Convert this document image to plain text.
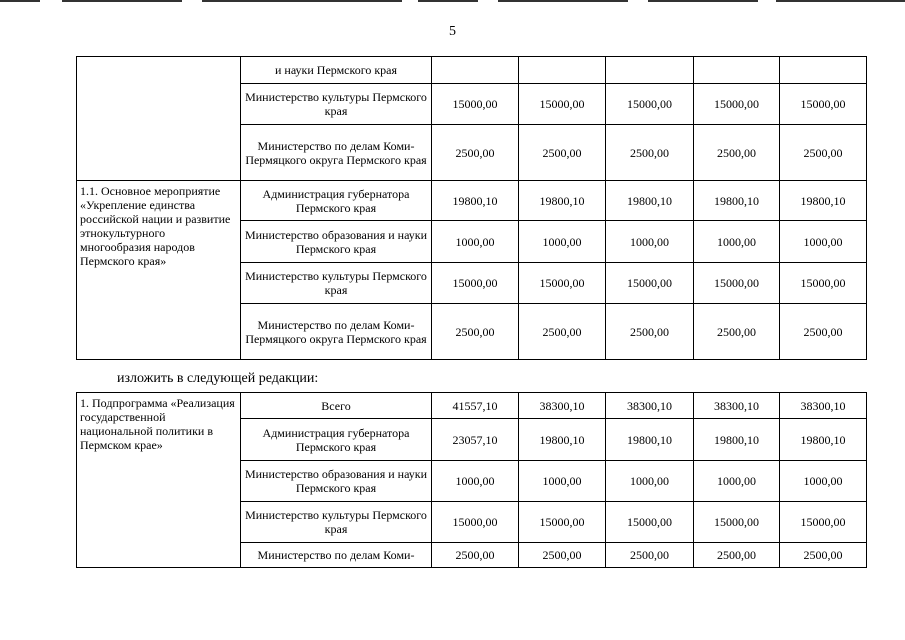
5
	и науки Пермского края					
	Министерство культуры Пермского края	15000,00	15000,00	15000,00	15000,00	15000,00
	Министерство по делам Коми-Пермяцкого округа Пермского края	2500,00	2500,00	2500,00	2500,00	2500,00
1.1. Основное мероприятие «Укрепление единства российской нации и развитие этнокультурного многообразия народов Пермского края»	Администрация губернатора Пермского края	19800,10	19800,10	19800,10	19800,10	19800,10
	Министерство образования и науки Пермского края	1000,00	1000,00	1000,00	1000,00	1000,00
	Министерство культуры Пермского края	15000,00	15000,00	15000,00	15000,00	15000,00
	Министерство по делам Коми-Пермяцкого округа Пермского края	2500,00	2500,00	2500,00	2500,00	2500,00
изложить в следующей редакции:
1. Подпрограмма «Реализация государственной национальной политики в Пермском крае»	Всего	41557,10	38300,10	38300,10	38300,10	38300,10
	Администрация губернатора Пермского края	23057,10	19800,10	19800,10	19800,10	19800,10
	Министерство образования и науки Пермского края	1000,00	1000,00	1000,00	1000,00	1000,00
	Министерство культуры Пермского края	15000,00	15000,00	15000,00	15000,00	15000,00
	Министерство по делам Коми-	2500,00	2500,00	2500,00	2500,00	2500,00
